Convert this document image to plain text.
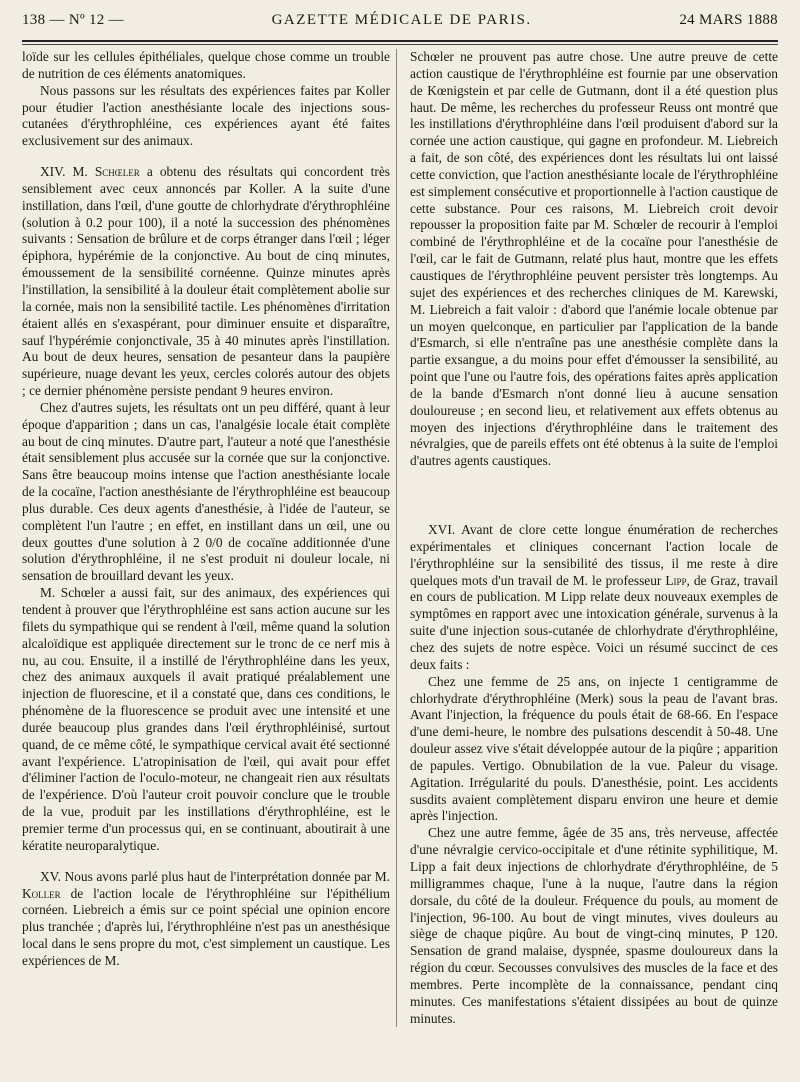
138 — Nº 12 —	GAZETTE MÉDICALE DE PARIS.	24 MARS 1888

loïde sur les cellules épithéliales, quelque chose comme un trouble de nutrition de ces éléments anatomiques.

Nous passons sur les résultats des expériences faites par Koller pour étudier l'action anesthésiante locale des injections sous-cutanées d'érythrophléine, ces expériences ayant été faites exclusivement sur des animaux.

XIV. M. Schœler a obtenu des résultats qui concordent très sensiblement avec ceux annoncés par Koller. A la suite d'une instillation, dans l'œil, d'une goutte de chlorhydrate d'érythrophléine (solution à 0.2 pour 100), il a noté la succession des phénomènes suivants : Sensation de brûlure et de corps étranger dans l'œil ; léger épiphora, hypérémie de la conjonctive. Au bout de cinq minutes, émoussement de la sensibilité cornéenne. Quinze minutes après l'instillation, la sensibilité à la douleur était complètement abolie sur la cornée, mais non la sensibilité tactile. Les phénomènes d'irritation étaient allés en s'exaspérant, pour diminuer ensuite et disparaître, sauf l'hypérémie conjonctivale, 35 à 40 minutes après l'instillation. Au bout de deux heures, sensation de pesanteur dans la paupière supérieure, nuage devant les yeux, cercles colorés autour des objets ; ce dernier phénomène persiste pendant 9 heures environ.

Chez d'autres sujets, les résultats ont un peu différé, quant à leur époque d'apparition ; dans un cas, l'analgésie locale était complète au bout de cinq minutes. D'autre part, l'auteur a noté que l'anesthésie était sensiblement plus accusée sur la cornée que sur la conjonctive. Sans être beaucoup moins intense que l'action anesthésiante locale de la cocaïne, l'action anesthésiante de l'érythrophléine est beaucoup plus durable. Ces deux agents d'anesthésie, à l'idée de l'auteur, se complètent l'un l'autre ; en effet, en instillant dans un œil, une ou deux gouttes d'une solution à 2 0/0 de cocaïne additionnée d'une solution d'érythrophléine, il ne s'est produit ni douleur locale, ni sensation de brouillard devant les yeux.

M. Schœler a aussi fait, sur des animaux, des expériences qui tendent à prouver que l'érythrophléine est sans action aucune sur les filets du sympathique qui se rendent à l'œil, même quand la solution alcaloïdique est appliquée directement sur le tronc de ce nerf mis à nu, au cou. Ensuite, il a instillé de l'érythrophléine dans les yeux, chez des animaux auxquels il avait pratiqué préalablement une injection de fluorescine, et il a constaté que, dans ces conditions, le phénomène de la fluorescence se produit avec une intensité et une durée beaucoup plus grandes dans l'œil érythrophléinisé, surtout quand, de ce même côté, le sympathique cervical avait été sectionné avant l'expérience. L'atropinisation de l'œil, qui avait pour effet d'éliminer l'action de l'oculo-moteur, ne changeait rien aux résultats de l'expérience. D'où l'auteur croit pouvoir conclure que le trouble de la vue, produit par les instillations d'érythrophléine, est le premier terme d'un processus qui, en se continuant, aboutirait à une kératite neuroparalytique.

XV. Nous avons parlé plus haut de l'interprétation donnée par M. Koller de l'action locale de l'érythrophléine sur l'épithélium cornéen. Liebreich a émis sur ce point spécial une opinion encore plus tranchée ; d'après lui, l'érythrophléine n'est pas un anesthésique local dans le sens propre du mot, c'est simplement un caustique. Les expériences de M.

Schœler ne prouvent pas autre chose. Une autre preuve de cette action caustique de l'érythrophléine est fournie par une observation de Kœnigstein et par celle de Gutmann, dont il a été question plus haut. De même, les recherches du professeur Reuss ont montré que les instillations d'érythrophléine dans l'œil produisent d'abord sur la cornée une action caustique, qui gagne en profondeur. M. Liebreich a fait, de son côté, des expériences dont les résultats lui ont laissé cette conviction, que l'action anesthésiante locale de l'érythrophléine est simplement consécutive et proportionnelle à l'action caustique de cette substance. Pour ces raisons, M. Liebreich croit devoir repousser la proposition faite par M. Schœler de recourir à l'emploi combiné de l'érythrophléine et de la cocaïne pour l'anesthésie de l'œil, car le fait de Gutmann, relaté plus haut, montre que les effets caustiques de l'érythrophléine peuvent persister très longtemps. Au sujet des expériences et des recherches cliniques de M. Karewski, M. Liebreich a fait valoir : d'abord que l'anémie locale obtenue par un moyen quelconque, en particulier par l'application de la bande d'Esmarch, si elle n'entraîne pas une anesthésie complète dans la partie exsangue, a du moins pour effet d'émousser la sensibilité, au point que l'une ou l'autre fois, des opérations faites après application de la bande d'Esmarch n'ont donné lieu à aucune sensation douloureuse ; en second lieu, et relativement aux effets obtenus au moyen des injections d'érythrophléine dans le traitement des névralgies, que de pareils effets ont été obtenus à la suite de l'emploi d'autres agents caustiques.

XVI. Avant de clore cette longue énumération de recherches expérimentales et cliniques concernant l'action locale de l'érythrophléine sur la sensibilité des tissus, il me reste à dire quelques mots d'un travail de M. le professeur Lipp, de Graz, travail en cours de publication. M Lipp relate deux nouveaux exemples de symptômes en rapport avec une intoxication générale, survenus à la suite d'une injection sous-cutanée de chlorhydrate d'érythrophléine, chez des sujets de notre espèce. Voici un résumé succinct de ces deux faits :

Chez une femme de 25 ans, on injecte 1 centigramme de chlorhydrate d'érythrophléine (Merk) sous la peau de l'avant bras. Avant l'injection, la fréquence du pouls était de 68-66. En l'espace d'une demi-heure, le nombre des pulsations descendit à 50-48. Une douleur assez vive s'était développée autour de la piqûre ; apparition de papules. Vertigo. Obnubilation de la vue. Paleur du visage. Agitation. Irrégularité du pouls. D'anesthésie, point. Les accidents susdits avaient complètement disparu environ une heure et demie après l'injection.

Chez une autre femme, âgée de 35 ans, très nerveuse, affectée d'une névralgie cervico-occipitale et d'une rétinite syphilitique, M. Lipp a fait deux injections de chlorhydrate d'érythrophléine, de 5 milligrammes chaque, l'une à la nuque, l'autre dans la région dorsale, du côté de la douleur. Fréquence du pouls, au moment de l'injection, 96-100. Au bout de vingt minutes, vives douleurs au siège de chaque piqûre. Au bout de vingt-cinq minutes, P 120. Sensation de grand malaise, dyspnée, spasme douloureux dans la région du cœur. Secousses convulsives des muscles de la face et des membres. Perte incomplète de la connaissance, pendant cinq minutes. Ces manifestations s'étaient dissipées au bout de quinze minutes.
